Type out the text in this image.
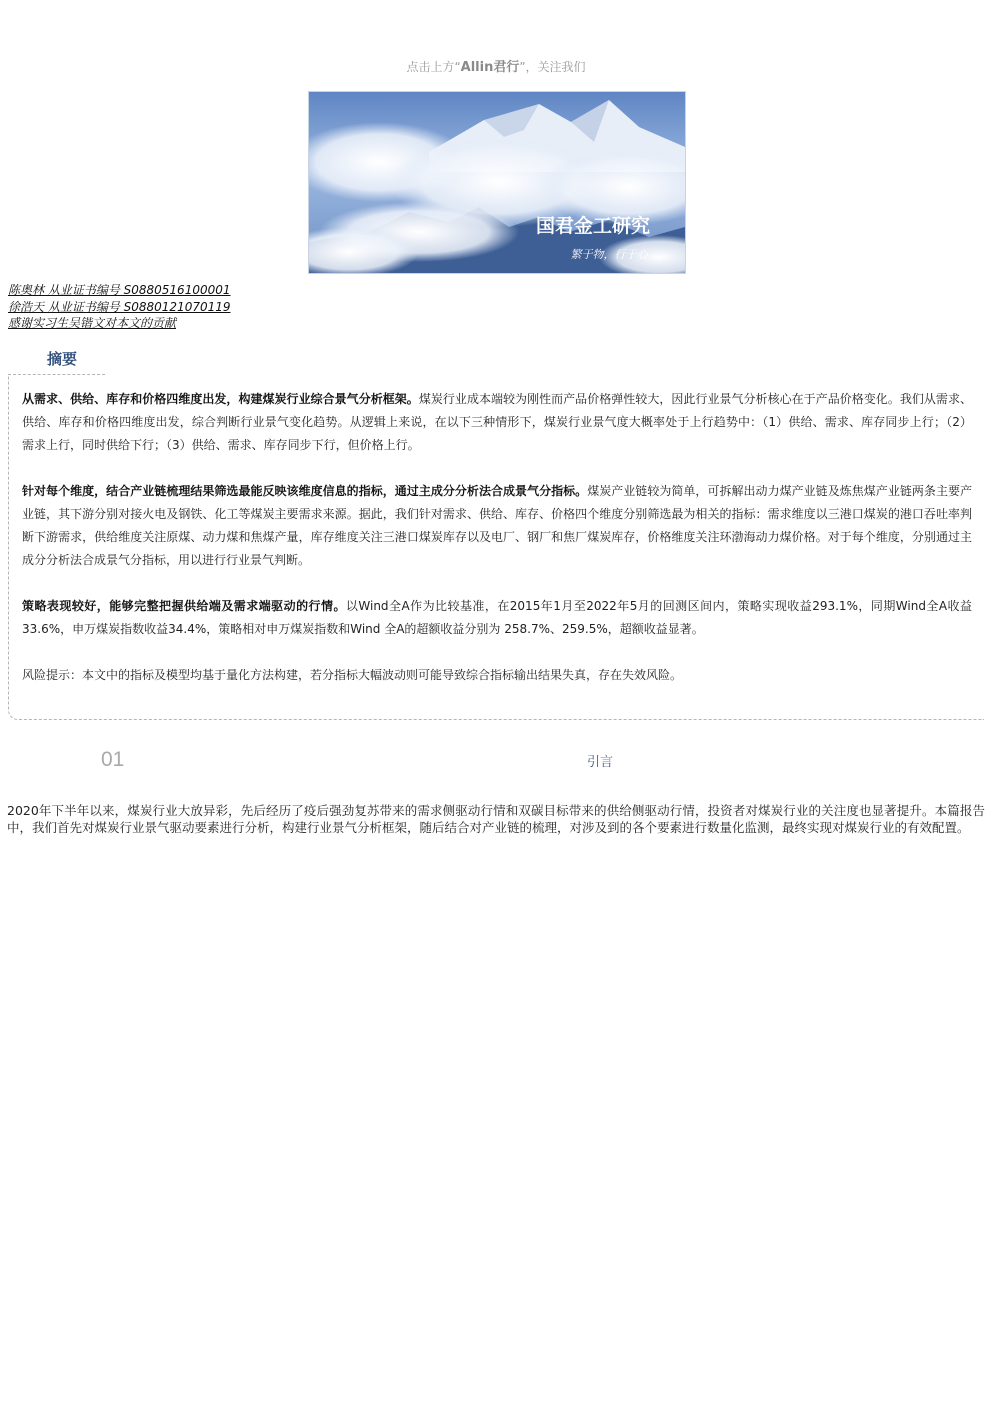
点击上方“Allin君行”，关注我们
国君金工研究
繁于物，行于心
陈奥林 从业证书编号 S0880516100001
徐浩天 从业证书编号 S0880121070119
感谢实习生吴锴文对本文的贡献
摘要

从需求、供给、库存和价格四维度出发，构建煤炭行业综合景气分析框架。煤炭行业成本端较为刚性而产品价格弹性较大，因此行业景气分析核心在于产品价格变化。我们从需求、供给、库存和价格四维度出发，综合判断行业景气变化趋势。从逻辑上来说，在以下三种情形下，煤炭行业景气度大概率处于上行趋势中：（1）供给、需求、库存同步上行；（2）需求上行，同时供给下行；（3）供给、需求、库存同步下行，但价格上行。

针对每个维度，结合产业链梳理结果筛选最能反映该维度信息的指标，通过主成分分析法合成景气分指标。煤炭产业链较为简单，可拆解出动力煤产业链及炼焦煤产业链两条主要产业链，其下游分别对接火电及钢铁、化工等煤炭主要需求来源。据此，我们针对需求、供给、库存、价格四个维度分别筛选最为相关的指标：需求维度以三港口煤炭的港口吞吐率判断下游需求，供给维度关注原煤、动力煤和焦煤产量，库存维度关注三港口煤炭库存以及电厂、钢厂和焦厂煤炭库存，价格维度关注环渤海动力煤价格。对于每个维度，分别通过主成分分析法合成景气分指标，用以进行行业景气判断。

策略表现较好，能够完整把握供给端及需求端驱动的行情。以Wind全A作为比较基准，在2015年1月至2022年5月的回测区间内，策略实现收益293.1%，同期Wind全A收益 33.6%，申万煤炭指数收益34.4%，策略相对申万煤炭指数和Wind 全A的超额收益分别为 258.7%、259.5%，超额收益显著。

风险提示：本文中的指标及模型均基于量化方法构建，若分指标大幅波动则可能导致综合指标输出结果失真，存在失效风险。

01	引言
2020年下半年以来，煤炭行业大放异彩，先后经历了疫后强劲复苏带来的需求侧驱动行情和双碳目标带来的供给侧驱动行情，投资者对煤炭行业的关注度也显著提升。本篇报告中，我们首先对煤炭行业景气驱动要素进行分析，构建行业景气分析框架，随后结合对产业链的梳理，对涉及到的各个要素进行数量化监测，最终实现对煤炭行业的有效配置。
